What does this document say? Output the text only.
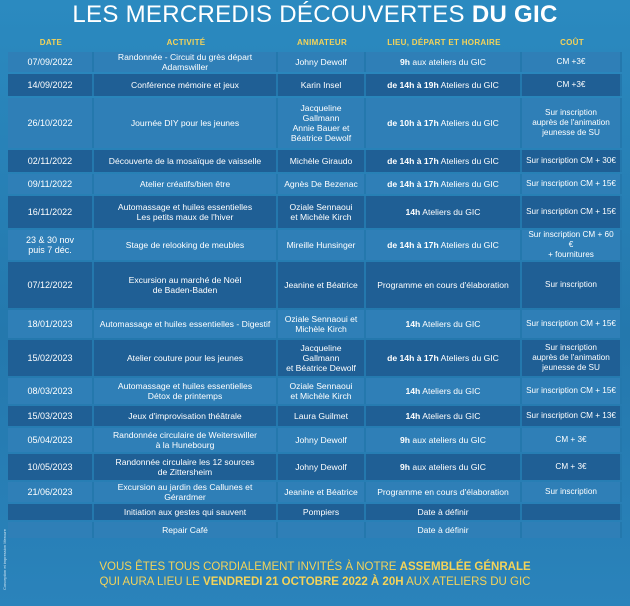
LES MERCREDIS DÉCOUVERTES DU GIC
DATE	ACTIVITÉ	ANIMATEUR	LIEU, DÉPART ET HORAIRE	COÛT
07/09/2022	Randonnée - Circuit du grès départ Adamswiller	Johny Dewolf	9h aux ateliers du GIC	CM +3€
14/09/2022	Conférence mémoire et jeux	Karin Insel	de 14h à 19h Ateliers du GIC	CM +3€
26/10/2022	Journée DIY pour les jeunes	Jacqueline Gallmann
Annie Bauer et
Béatrice Dewolf	de 10h à 17h Ateliers du GIC	Sur inscription
auprès de l'animation
jeunesse de SU
02/11/2022	Découverte de la mosaïque de vaisselle	Michèle Giraudo	de 14h à 17h Ateliers du GIC	Sur inscription CM + 30€
09/11/2022	Atelier créatifs/bien être	Agnès De Bezenac	de 14h à 17h Ateliers du GIC	Sur inscription CM + 15€
16/11/2022	Automassage et huiles essentielles
Les petits maux de l'hiver	Oziale Sennaoui
et Michèle Kirch	14h Ateliers du GIC	Sur inscription CM + 15€
23 & 30 nov
puis 7 déc.	Stage de relooking de meubles	Mireille Hunsinger	de 14h à 17h Ateliers du GIC	Sur inscription CM + 60 €
+ fournitures
07/12/2022	Excursion au marché de Noël
de Baden-Baden	Jeanine et Béatrice	Programme en cours d'élaboration	Sur inscription
18/01/2023	Automassage et huiles essentielles - Digestif	Oziale Sennaoui et
Michèle Kirch	14h Ateliers du GIC	Sur inscription CM + 15€
15/02/2023	Atelier couture pour les jeunes	Jacqueline Gallmann
et Béatrice Dewolf	de 14h à 17h Ateliers du GIC	Sur inscription
auprès de l'animation
jeunesse de SU
08/03/2023	Automassage et huiles essentielles
Détox de printemps	Oziale Sennaoui
et Michèle Kirch	14h Ateliers du GIC	Sur inscription CM + 15€
15/03/2023	Jeux d'improvisation théâtrale	Laura Guilmet	14h Ateliers du GIC	Sur inscription CM + 13€
05/04/2023	Randonnée circulaire de Weiterswiller
à la Hunebourg	Johny Dewolf	9h aux ateliers du GIC	CM + 3€
10/05/2023	Randonnée circulaire les 12 sources
de Zittersheim	Johny Dewolf	9h aux ateliers du GIC	CM + 3€
21/06/2023	Excursion au jardin des Callunes et Gérardmer	Jeanine et Béatrice	Programme en cours d'élaboration	Sur inscription
	Initiation aux gestes qui sauvent	Pompiers	Date à définir	
	Repair Café		Date à définir	
Conception et impression Mercure	VOUS ÊTES TOUS CORDIALEMENT INVITÉS À NOTRE ASSEMBLÉE GÉNRALE
QUI AURA LIEU LE VENDREDI 21 OCTOBRE 2022 À 20H AUX ATELIERS DU GIC
